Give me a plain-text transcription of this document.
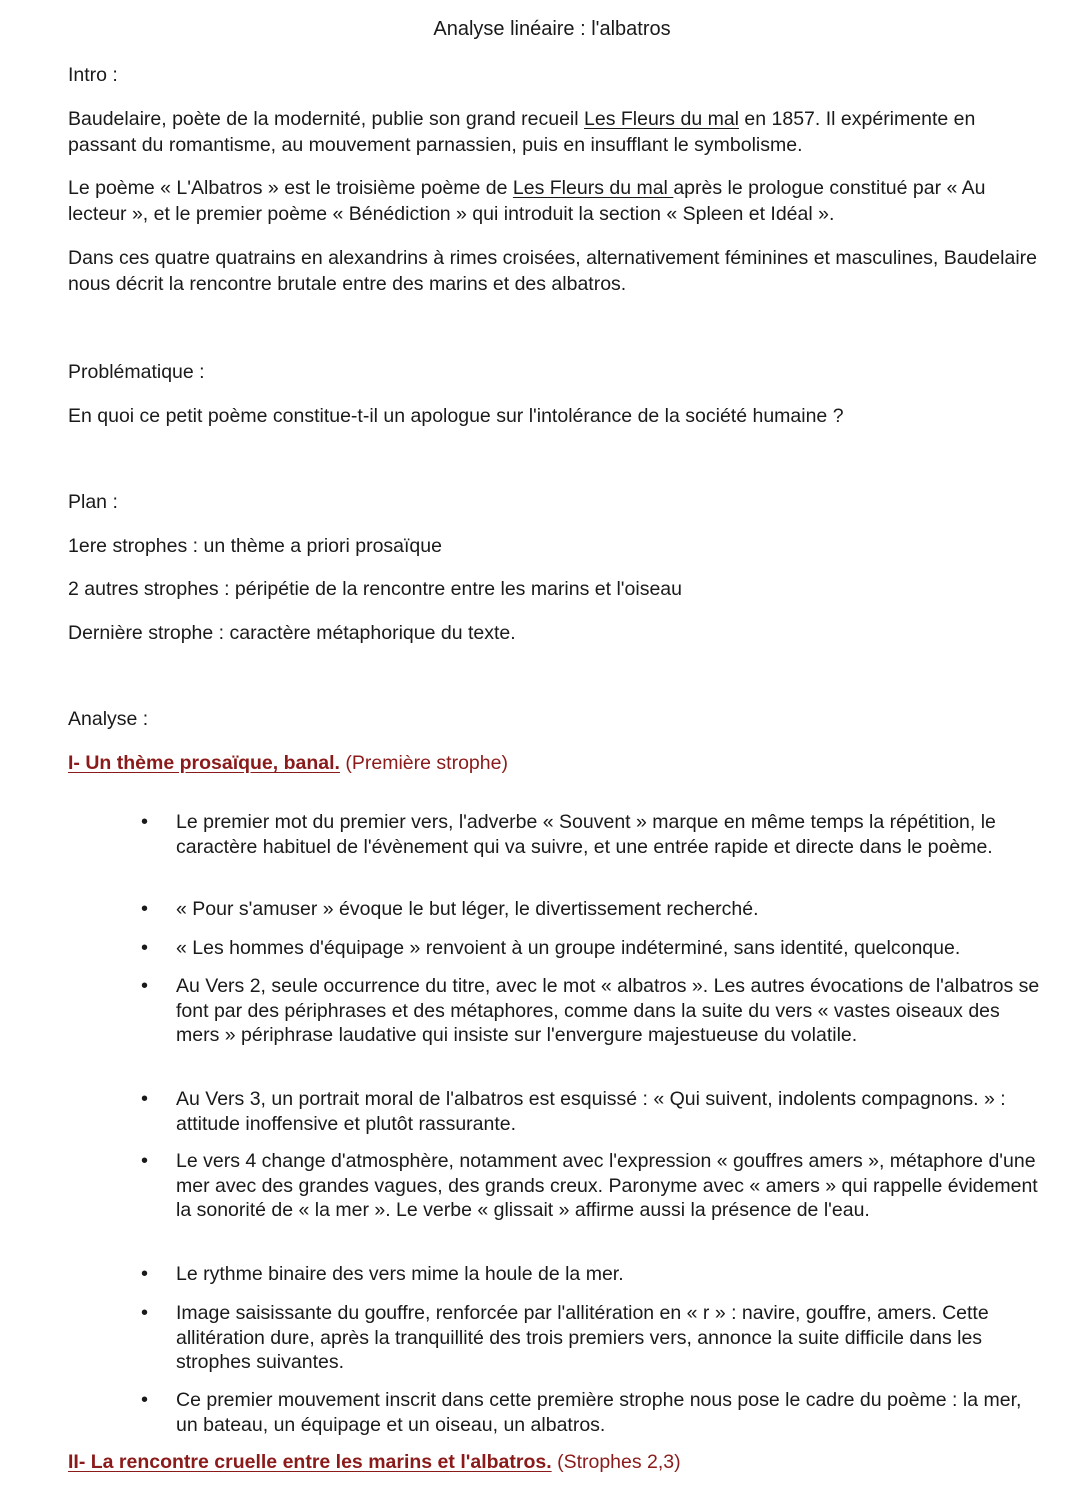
Analyse linéaire : l'albatros
Intro :

Baudelaire, poète de la modernité, publie son grand recueil Les Fleurs du mal en 1857. Il expérimente en passant du romantisme, au mouvement parnassien, puis en insufflant le symbolisme.

Le poème « L'Albatros » est le troisième poème de Les Fleurs du mal après le prologue constitué par « Au lecteur », et le premier poème « Bénédiction » qui introduit la section « Spleen et Idéal ».

Dans ces quatre quatrains en alexandrins à rimes croisées, alternativement féminines et masculines, Baudelaire nous décrit la rencontre brutale entre des marins et des albatros.

Problématique :
En quoi ce petit poème constitue-t-il un apologue sur l'intolérance de la société humaine ?
Plan :
1ere strophes : un thème a priori prosaïque
2 autres strophes : péripétie de la rencontre entre les marins et l'oiseau
Dernière strophe : caractère métaphorique du texte.
Analyse :
I- Un thème prosaïque, banal. (Première strophe)
• Le premier mot du premier vers, l'adverbe « Souvent » marque en même temps la répétition, le caractère habituel de l'évènement qui va suivre, et une entrée rapide et directe dans le poème.
• « Pour s'amuser » évoque le but léger, le divertissement recherché.
• « Les hommes d'équipage » renvoient à un groupe indéterminé, sans identité, quelconque.
• Au Vers 2, seule occurrence du titre, avec le mot « albatros ». Les autres évocations de l'albatros se font par des périphrases et des métaphores, comme dans la suite du vers « vastes oiseaux des mers » périphrase laudative qui insiste sur l'envergure majestueuse du volatile.
• Au Vers 3, un portrait moral de l'albatros est esquissé : « Qui suivent, indolents compagnons. » : attitude inoffensive et plutôt rassurante.
• Le vers 4 change d'atmosphère, notamment avec l'expression « gouffres amers », métaphore d'une mer avec des grandes vagues, des grands creux. Paronyme avec « amers » qui rappelle évidement la sonorité de « la mer ». Le verbe « glissait » affirme aussi la présence de l'eau.
• Le rythme binaire des vers mime la houle de la mer.
• Image saisissante du gouffre, renforcée par l'allitération en « r » : navire, gouffre, amers. Cette allitération dure, après la tranquillité des trois premiers vers, annonce la suite difficile dans les strophes suivantes.
• Ce premier mouvement inscrit dans cette première strophe nous pose le cadre du poème : la mer, un bateau, un équipage et un oiseau, un albatros.
II- La rencontre cruelle entre les marins et l'albatros. (Strophes 2,3)
